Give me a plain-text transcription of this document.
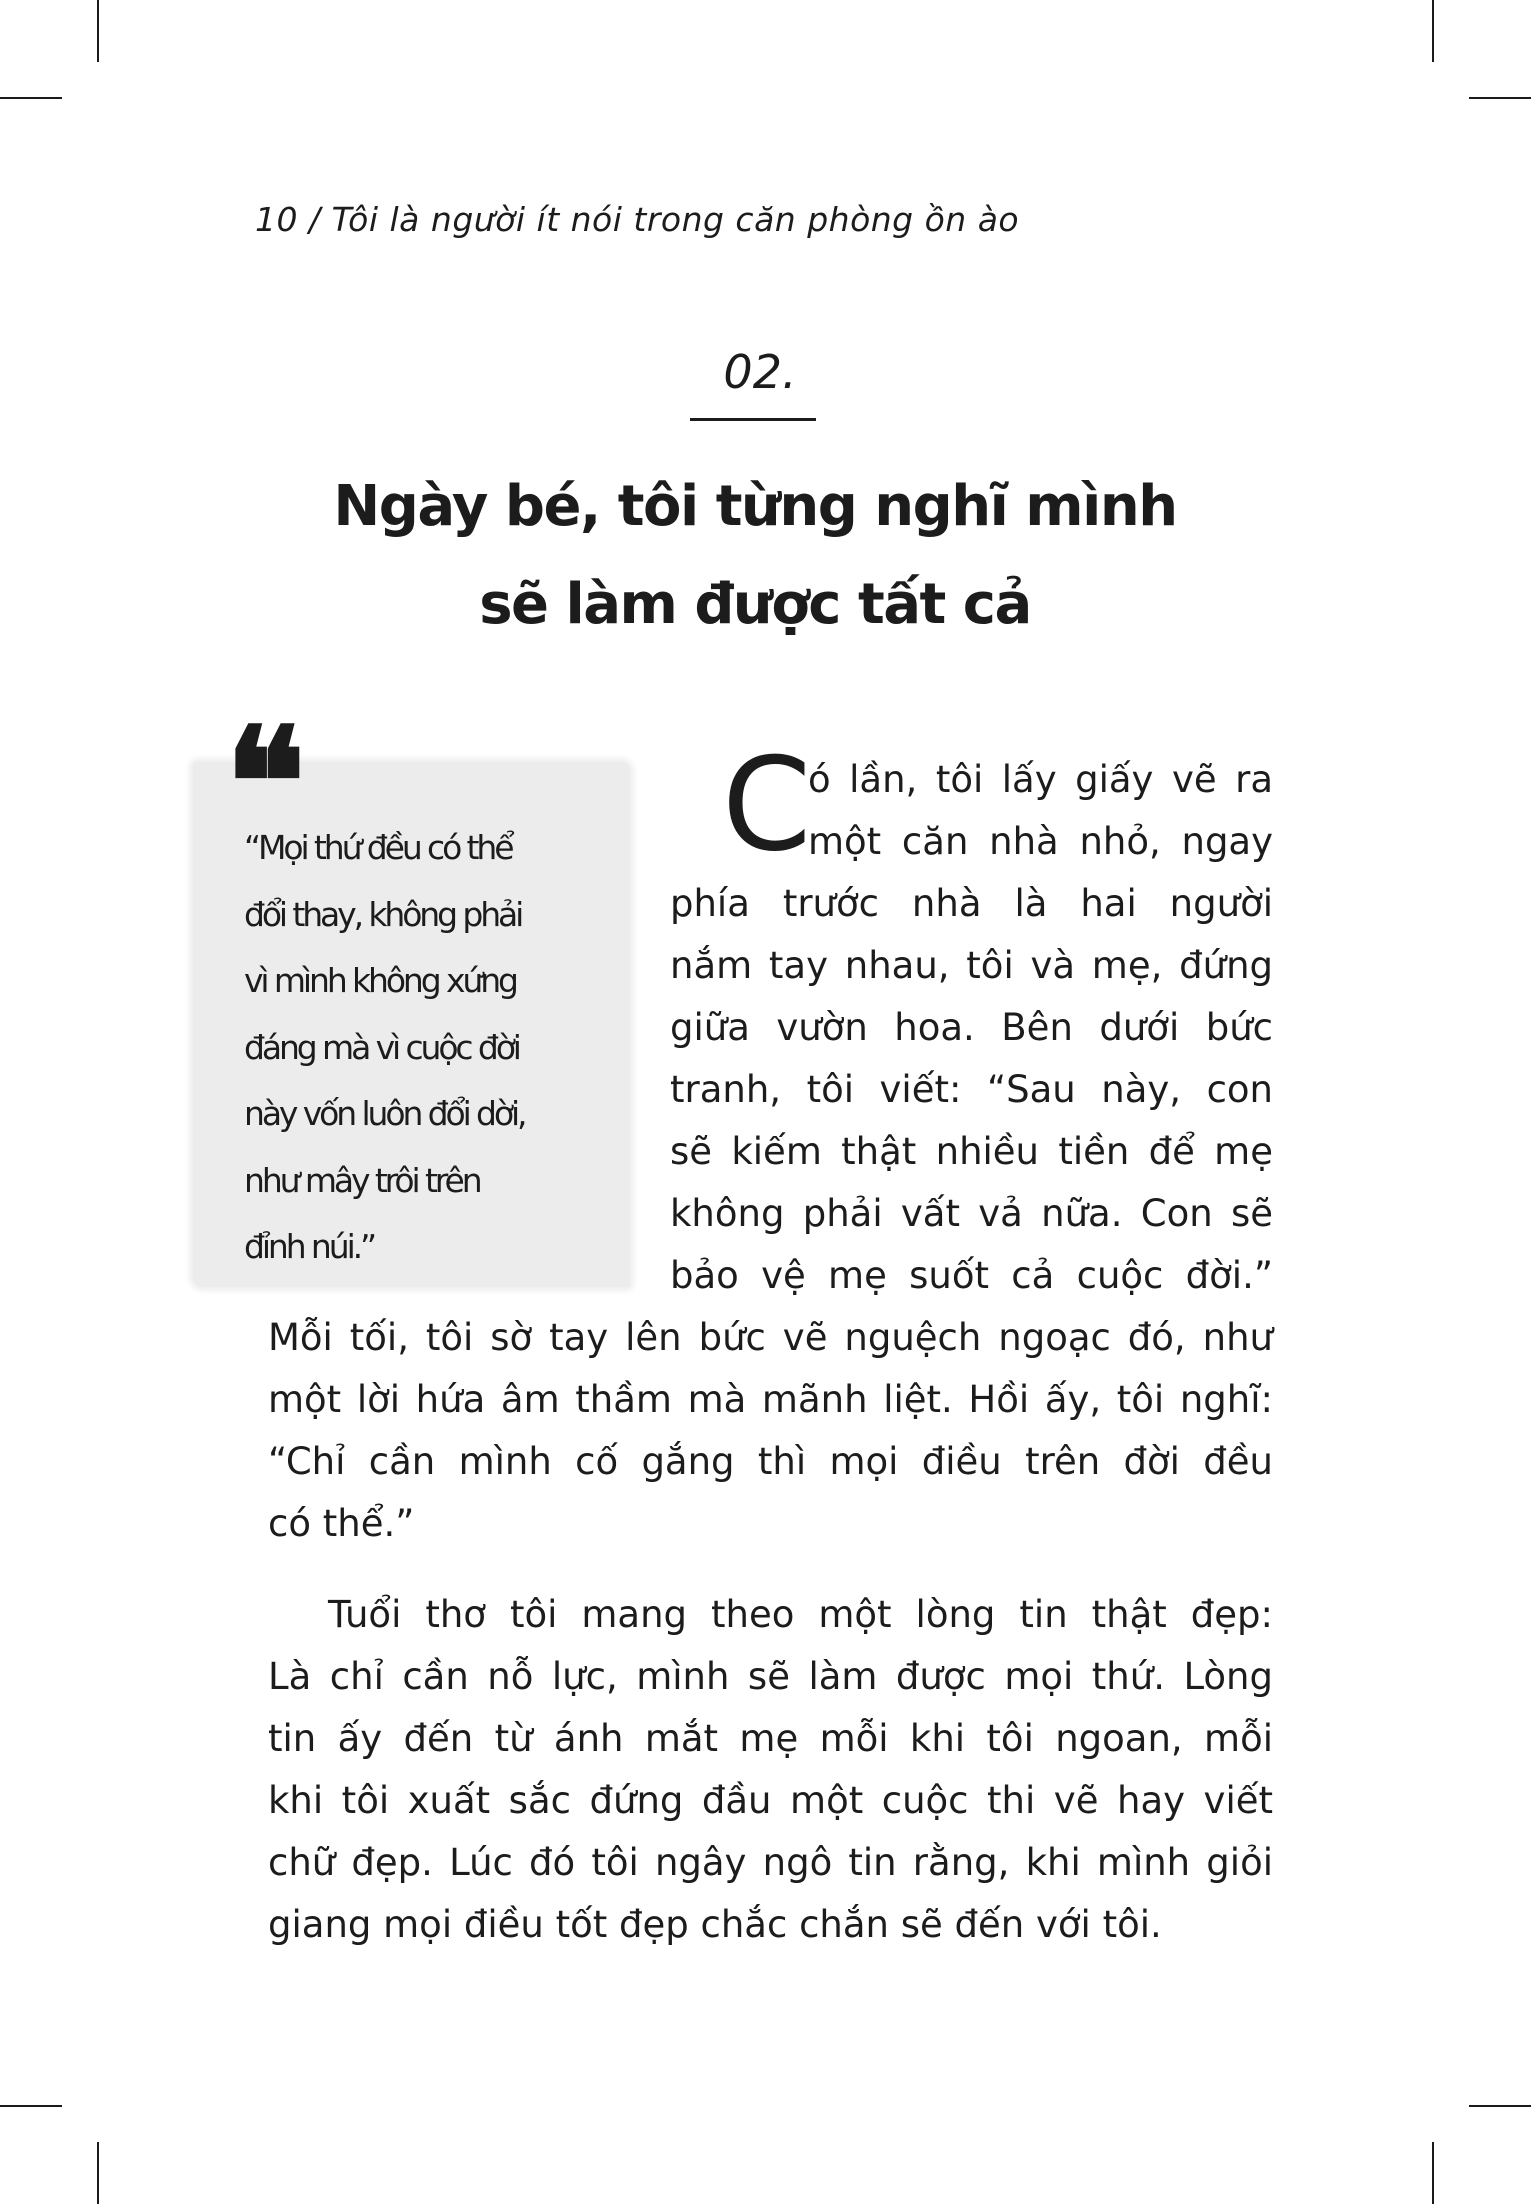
10 / Tôi là người ít nói trong căn phòng ồn ào
02.
Ngày bé, tôi từng nghĩ mình
sẽ làm được tất cả
❝
“Mọi thứ đều có thể
đổi thay, không phải
vì mình không xứng
đáng mà vì cuộc đời
này vốn luôn đổi dời,
như mây trôi trên
đỉnh núi.”
C
ó lần, tôi lấy giấy vẽ ra
một căn nhà nhỏ, ngay
phía trước nhà là hai người
nắm tay nhau, tôi và mẹ, đứng
giữa vườn hoa. Bên dưới bức
tranh, tôi viết: “Sau này, con
sẽ kiếm thật nhiều tiền để mẹ
không phải vất vả nữa. Con sẽ
bảo vệ mẹ suốt cả cuộc đời.”
Mỗi tối, tôi sờ tay lên bức vẽ nguệch ngoạc đó, như
một lời hứa âm thầm mà mãnh liệt. Hồi ấy, tôi nghĩ:
“Chỉ cần mình cố gắng thì mọi điều trên đời đều
có thể.”
Tuổi thơ tôi mang theo một lòng tin thật đẹp:
Là chỉ cần nỗ lực, mình sẽ làm được mọi thứ. Lòng
tin ấy đến từ ánh mắt mẹ mỗi khi tôi ngoan, mỗi
khi tôi xuất sắc đứng đầu một cuộc thi vẽ hay viết
chữ đẹp. Lúc đó tôi ngây ngô tin rằng, khi mình giỏi
giang mọi điều tốt đẹp chắc chắn sẽ đến với tôi.
